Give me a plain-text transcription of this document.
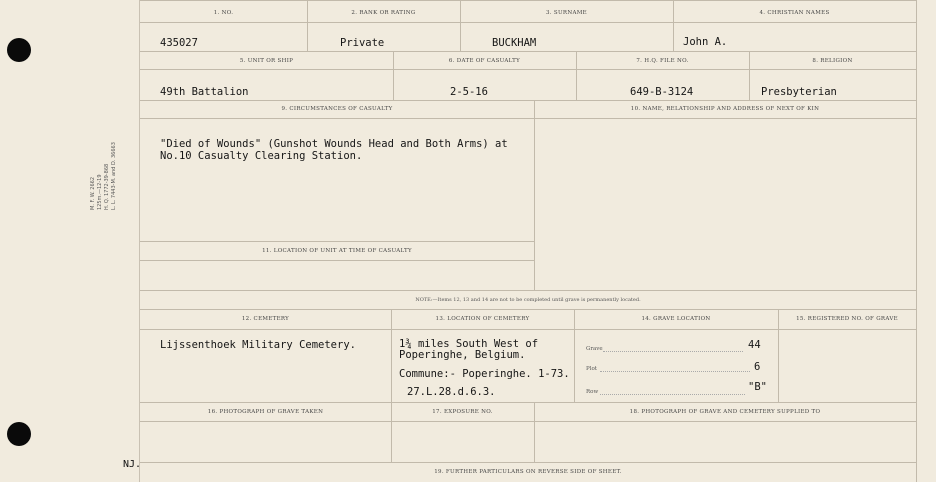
M. F. W. 2662 125m.—12-19 H. Q. 1772-39-868 L. L. 7443-M. and D. 36663
1. NO.	2. RANK OR RATING	3. SURNAME	4. CHRISTIAN NAMES
435027	Private	BUCKHAM	John A.
5. UNIT OR SHIP	6. DATE OF CASUALTY	7. H.Q. FILE NO.	8. RELIGION
49th Battalion	2-5-16	649-B-3124	Presbyterian
9. CIRCUMSTANCES OF CASUALTY	10. NAME, RELATIONSHIP AND ADDRESS OF NEXT OF KIN
"Died of Wounds" (Gunshot Wounds Head and Both Arms) at
No.10 Casualty Clearing Station.
11. LOCATION OF UNIT AT TIME OF CASUALTY
NOTE:—Items 12, 13 and 14 are not to be completed until grave is permanently located.
12. CEMETERY	13. LOCATION OF CEMETERY	14. GRAVE LOCATION	15. REGISTERED NO. OF GRAVE
Lijssenthoek Military Cemetery.	1¾ miles South West of
Poperinghe, Belgium.
Commune:- Poperinghe. 1-73.
27.L.28.d.6.3.
Grave	44
Plot	6
Row	"B"
16. PHOTOGRAPH OF GRAVE TAKEN	17. EXPOSURE NO.	18. PHOTOGRAPH OF GRAVE AND CEMETERY SUPPLIED TO
19. FURTHER PARTICULARS ON REVERSE SIDE OF SHEET.
NJ.
